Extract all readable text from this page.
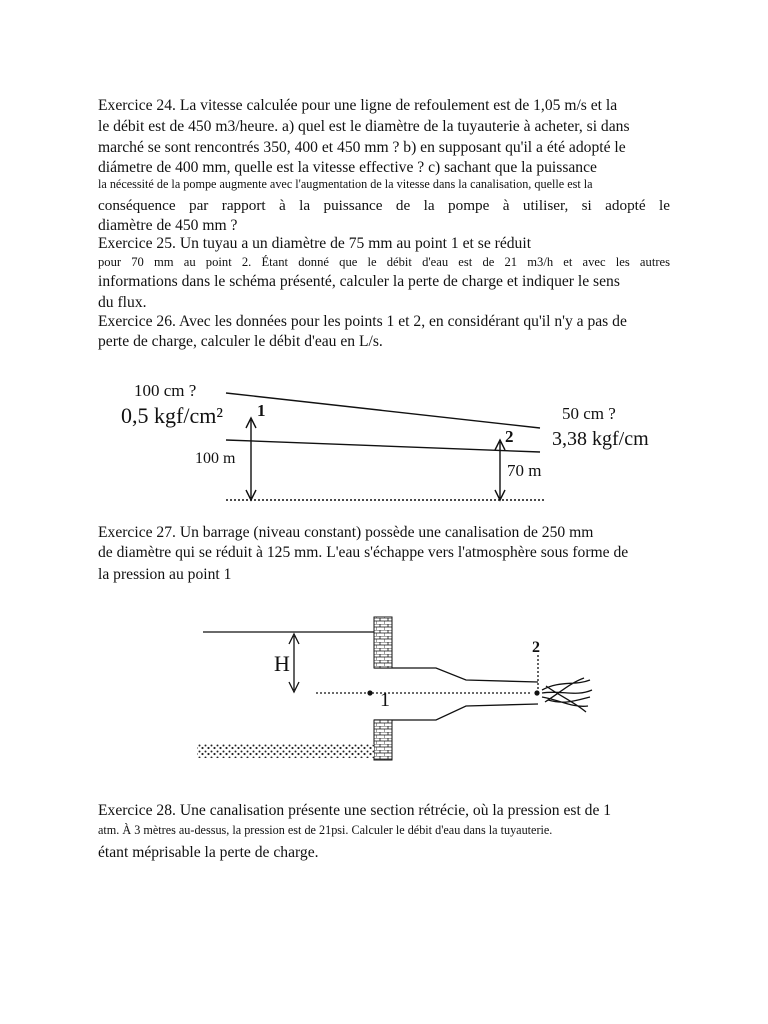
Exercice 24. La vitesse calculée pour une ligne de refoulement est de 1,05 m/s et la
le débit est de 450 m3/heure. a) quel est le diamètre de la tuyauterie à acheter, si dans
marché se sont rencontrés 350, 400 et 450 mm ? b) en supposant qu'il a été adopté le
diámetre de 400 mm, quelle est la vitesse effective ? c) sachant que la puissance
la nécessité de la pompe augmente avec l'augmentation de la vitesse dans la canalisation, quelle est la
conséquence par rapport à la puissance de la pompe à utiliser, si adopté le
diamètre de 450 mm ?
Exercice 25. Un tuyau a un diamètre de 75 mm au point 1 et se réduit
pour 70 mm au point 2. Étant donné que le débit d'eau est de 21 m3/h et avec les autres
informations dans le schéma présenté, calculer la perte de charge et indiquer le sens
du flux.
Exercice 26. Avec les données pour les points 1 et 2, en considérant qu'il n'y a pas de
perte de charge, calculer le débit d'eau en L/s.
100 cm ?
0,5 kgf/cm² 1
100 m
50 cm ?
3,38 kgf/cm
2
70 m
Exercice 27. Un barrage (niveau constant) possède une canalisation de 250 mm
de diamètre qui se réduit à 125 mm. L'eau s'échappe vers l'atmosphère sous forme de
la pression au point 1
H
1
2
Exercice 28. Une canalisation présente une section rétrécie, où la pression est de 1
atm. À 3 mètres au-dessus, la pression est de 21psi. Calculer le débit d'eau dans la tuyauterie.
étant méprisable la perte de charge.
